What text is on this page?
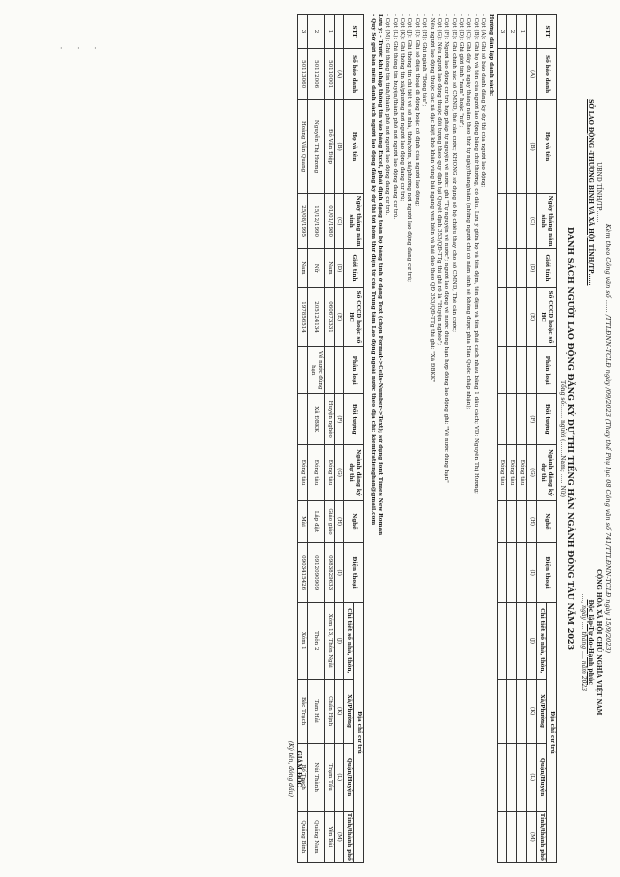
· · ·
Kèm theo Công văn số …… /TTLĐNN-TCLĐ ngày /09/2023 (Thay thế Phụ lục 08 Công văn số 741/TTLĐNN-TCLĐ ngày 15/9/2023)
UBND TỈNH/TP……
SỞ LAO ĐỘNG -THƯƠNG BINH VÀ XÃ HỘI TỈNH/TP……
CỘNG HÒA XÃ HỘI CHỦ NGHĨA VIỆT NAM
Độc lập-Tự do-Hạnh phúc
…., ngày …. tháng …. năm 2023
DANH SÁCH NGƯỜI LAO ĐỘNG ĐĂNG KÝ DỰ THI TIẾNG HÀN NGÀNH ĐÓNG TÀU NĂM 2023
Tổng số:…… người (…….Nam; ….. Nữ)
STT	Số báo danh	Họ và tên	Ngày tháng năm sinh	Giới tính	Số CCCD hoặc số HC	Phân loại	Đối tượng	Ngành đăng ký dự thi	Nghề	Điện thoại	Địa chỉ cư trú			
											Chi tiết số nhà, thôn,	Xã/Phường	Quận/Huyện	Tỉnh/thành phố
	(A)	(B)	(C)	(D)	(E)		(F)	(G)	(H)	(I)	(J)	(K)	(L)	(M)
1								Đóng tàu						
2								Đóng tàu						
3								Đóng tàu						
Hướng dẫn lập danh sách:
- Cột (A): Ghi số báo danh đăng ký dự thi của người lao động;
- Cột (B): Ghi họ và tên của người lao động bằng chữ thường, có dấu. Lưu ý giữa họ và tên đệm, tên đệm và tên phải cách nhau bằng 1 dấu cách; VD: Nguyễn Thị Hương;
- Cột (C): Ghi đầy đủ ngày tháng năm theo thứ tự ngày/tháng/năm (những người chỉ có năm sinh sẽ không được phía Hàn Quốc chấp nhận);
- Cột (D): Ghi giới tính "nam" hoặc "nữ";
- Cột (E): Ghi chính xác số CMND, thẻ căn cước; KHÔNG sử dụng số hộ chiếu thay cho số CMND, Thẻ căn cước;
- Cột (F): Người lao động cư trú hợp pháp tự nguyện về nước: ghi "Tự nguyện về nước"; người lao động về nước đúng hạn hợp đồng lao động ghi: "Về nước đúng hạn"
- Cột (G): Nếu người lao động thuộc đối tượng theo quy định tại Quyết định 353/QĐ-TTg thì ghi rõ là "Huyện nghèo";
- Nếu người lao động thuộc các xã đặc biệt khó khăn vùng bãi ngang ven biển và hải đảo theo QĐ 353/QĐ-TTg thì ghi: "Xã ĐBKK"
- Cột (H): Ghi ngành "Đóng tàu";
- Cột (I): Ghi số điện thoại di động hoặc cố định của người lao động;
- Cột (J): Ghi thông tin chi tiết về số nhà, thôn/xóm, xã/phường nơi người lao động đang cư trú;
- Cột (K): Ghi thông tin xã/phường nơi người lao động đang cư trú;
- Cột (L): Ghi thông tin huyện/thành phố nơi người lao động đang cư trú.
- Cột (M): Ghi thông tin tỉnh/thành phố nơi người lao động đang cư trú.
Lưu ý: - Trước khi nhập thông tin vào bảng Excel, phải định dạng toàn bộ bảng tính ở dạng Text (chọn Format->Cells-Number->Text); sử dụng font Times New Roman
- Quý Sở gửi bản mềm danh sách người lao động đăng ký dự thi tới hòm thư điện tử của Trung tâm Lao động ngoài nước theo địa chỉ: kiemtratienghan@gmail.com
GIÁM ĐỐC
(Ký tên, đóng dấu)
STT	Số báo danh	Họ và tên	Ngày tháng năm sinh	Giới tính	Số CCCD hoặc số HC	Phân loại	Đối tượng	Ngành đăng ký dự thi	Nghề	Điện thoại	Địa chỉ cư trú			
											Chi tiết số nhà, thôn,	Xã/Phường	Quận/Huyện	Tỉnh/thành phố
	(A)	(B)	(C)	(D)	(E)		(F)	(G)	(H)	(I)	(J)	(K)	(L)	(M)
1	50110001	Đỗ Văn Điệp	01/01/1980	Nam	060673331		Huyện nghèo	Đóng tàu	Giáo giáo	0983829633	Xóm 13, Thôn Ngãi	Chấn Hịnh	Trạm Tấu	Yên Bái
2	50112006	Nguyễn Thị Hương	15/12/1990	Nữ	205124134	Về nước đúng hạn	Xã ĐBKK	Đóng tàu	Lắp đặt	0912090909	Thôn 2	Tam Hải	Núi Thành	Quảng Nam
3	50113060	Hoàng Văn Quang	25/08/1995	Nam	197856514			Đóng tàu	Mài	0903415426	Xóm 1	Bắc Trạch	Bố Trạch	Quảng Bình
